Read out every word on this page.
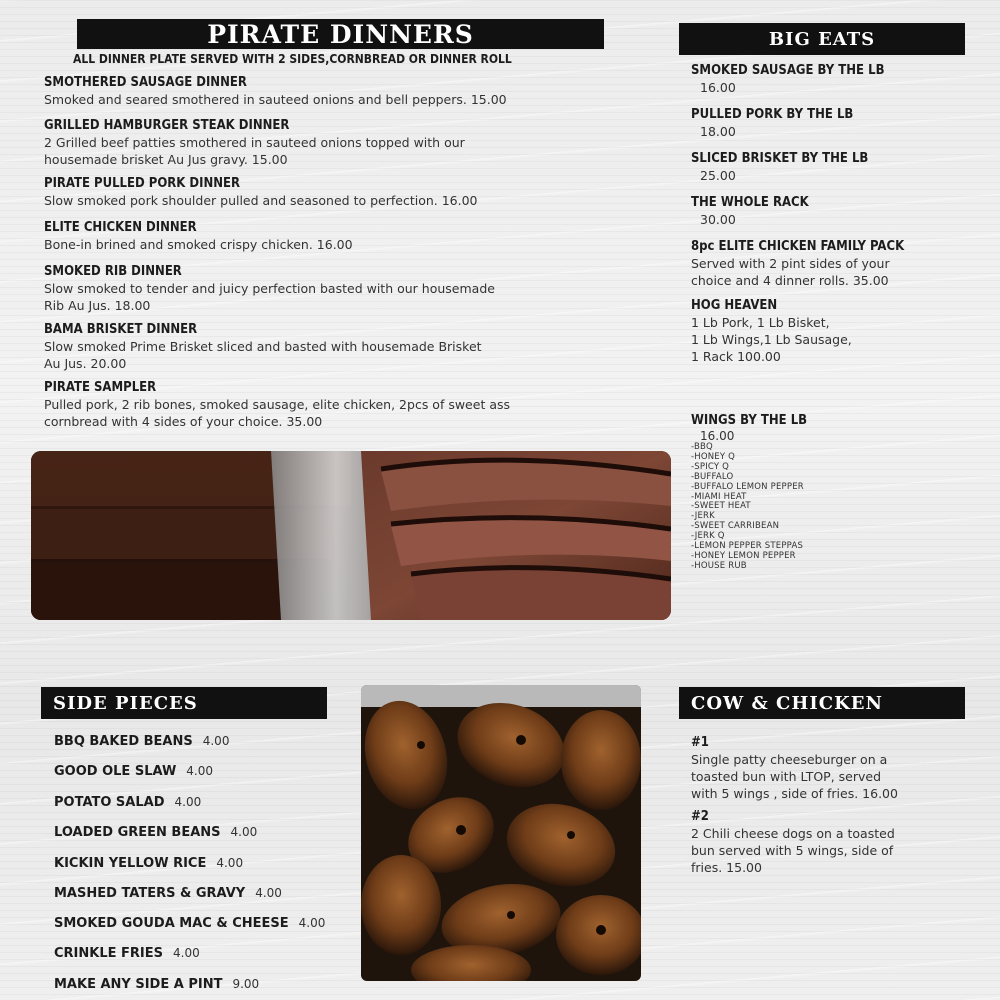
PIRATE DINNERS
ALL DINNER PLATE SERVED WITH 2 SIDES,CORNBREAD OR DINNER ROLL
SMOTHERED SAUSAGE DINNER
Smoked and seared smothered in sauteed onions and bell peppers. 15.00
GRILLED HAMBURGER STEAK DINNER
2 Grilled beef patties smothered in sauteed onions topped with our
housemade brisket Au Jus gravy. 15.00
PIRATE PULLED PORK DINNER
Slow smoked pork shoulder pulled and seasoned to perfection. 16.00
ELITE CHICKEN DINNER
Bone-in brined and smoked crispy chicken. 16.00
SMOKED RIB DINNER
Slow smoked to tender and juicy perfection basted with our housemade
Rib Au Jus. 18.00
BAMA BRISKET DINNER
Slow smoked Prime Brisket sliced and basted with housemade Brisket
Au Jus. 20.00
PIRATE SAMPLER
Pulled pork, 2 rib bones, smoked sausage, elite chicken, 2pcs of sweet ass
cornbread with 4 sides of your choice. 35.00
BIG EATS
SMOKED SAUSAGE BY THE LB
16.00
PULLED PORK BY THE LB
18.00
SLICED BRISKET BY THE LB
25.00
THE WHOLE RACK
30.00
8pc ELITE CHICKEN FAMILY PACK
Served with 2 pint sides of your
choice and 4 dinner rolls. 35.00
HOG HEAVEN
1 Lb Pork, 1 Lb Bisket,
1 Lb Wings,1 Lb Sausage,
1 Rack 100.00
WINGS BY THE LB
16.00
-BBQ
-HONEY Q
-SPICY Q
-BUFFALO
-BUFFALO LEMON PEPPER
-MIAMI HEAT
-SWEET HEAT
-JERK
-SWEET CARRIBEAN
-JERK Q
-LEMON PEPPER STEPPAS
-HONEY LEMON PEPPER
-HOUSE RUB
SIDE PIECES
BBQ BAKED BEANS 4.00
GOOD OLE SLAW 4.00
POTATO SALAD 4.00
LOADED GREEN BEANS 4.00
KICKIN YELLOW RICE 4.00
MASHED TATERS & GRAVY 4.00
SMOKED GOUDA MAC & CHEESE 4.00
CRINKLE FRIES 4.00
MAKE ANY SIDE A PINT 9.00
COW & CHICKEN
#1
Single patty cheeseburger on a
toasted bun with LTOP, served
with 5 wings , side of fries. 16.00
#2
2 Chili cheese dogs on a toasted
bun served with 5 wings, side of
fries. 15.00
